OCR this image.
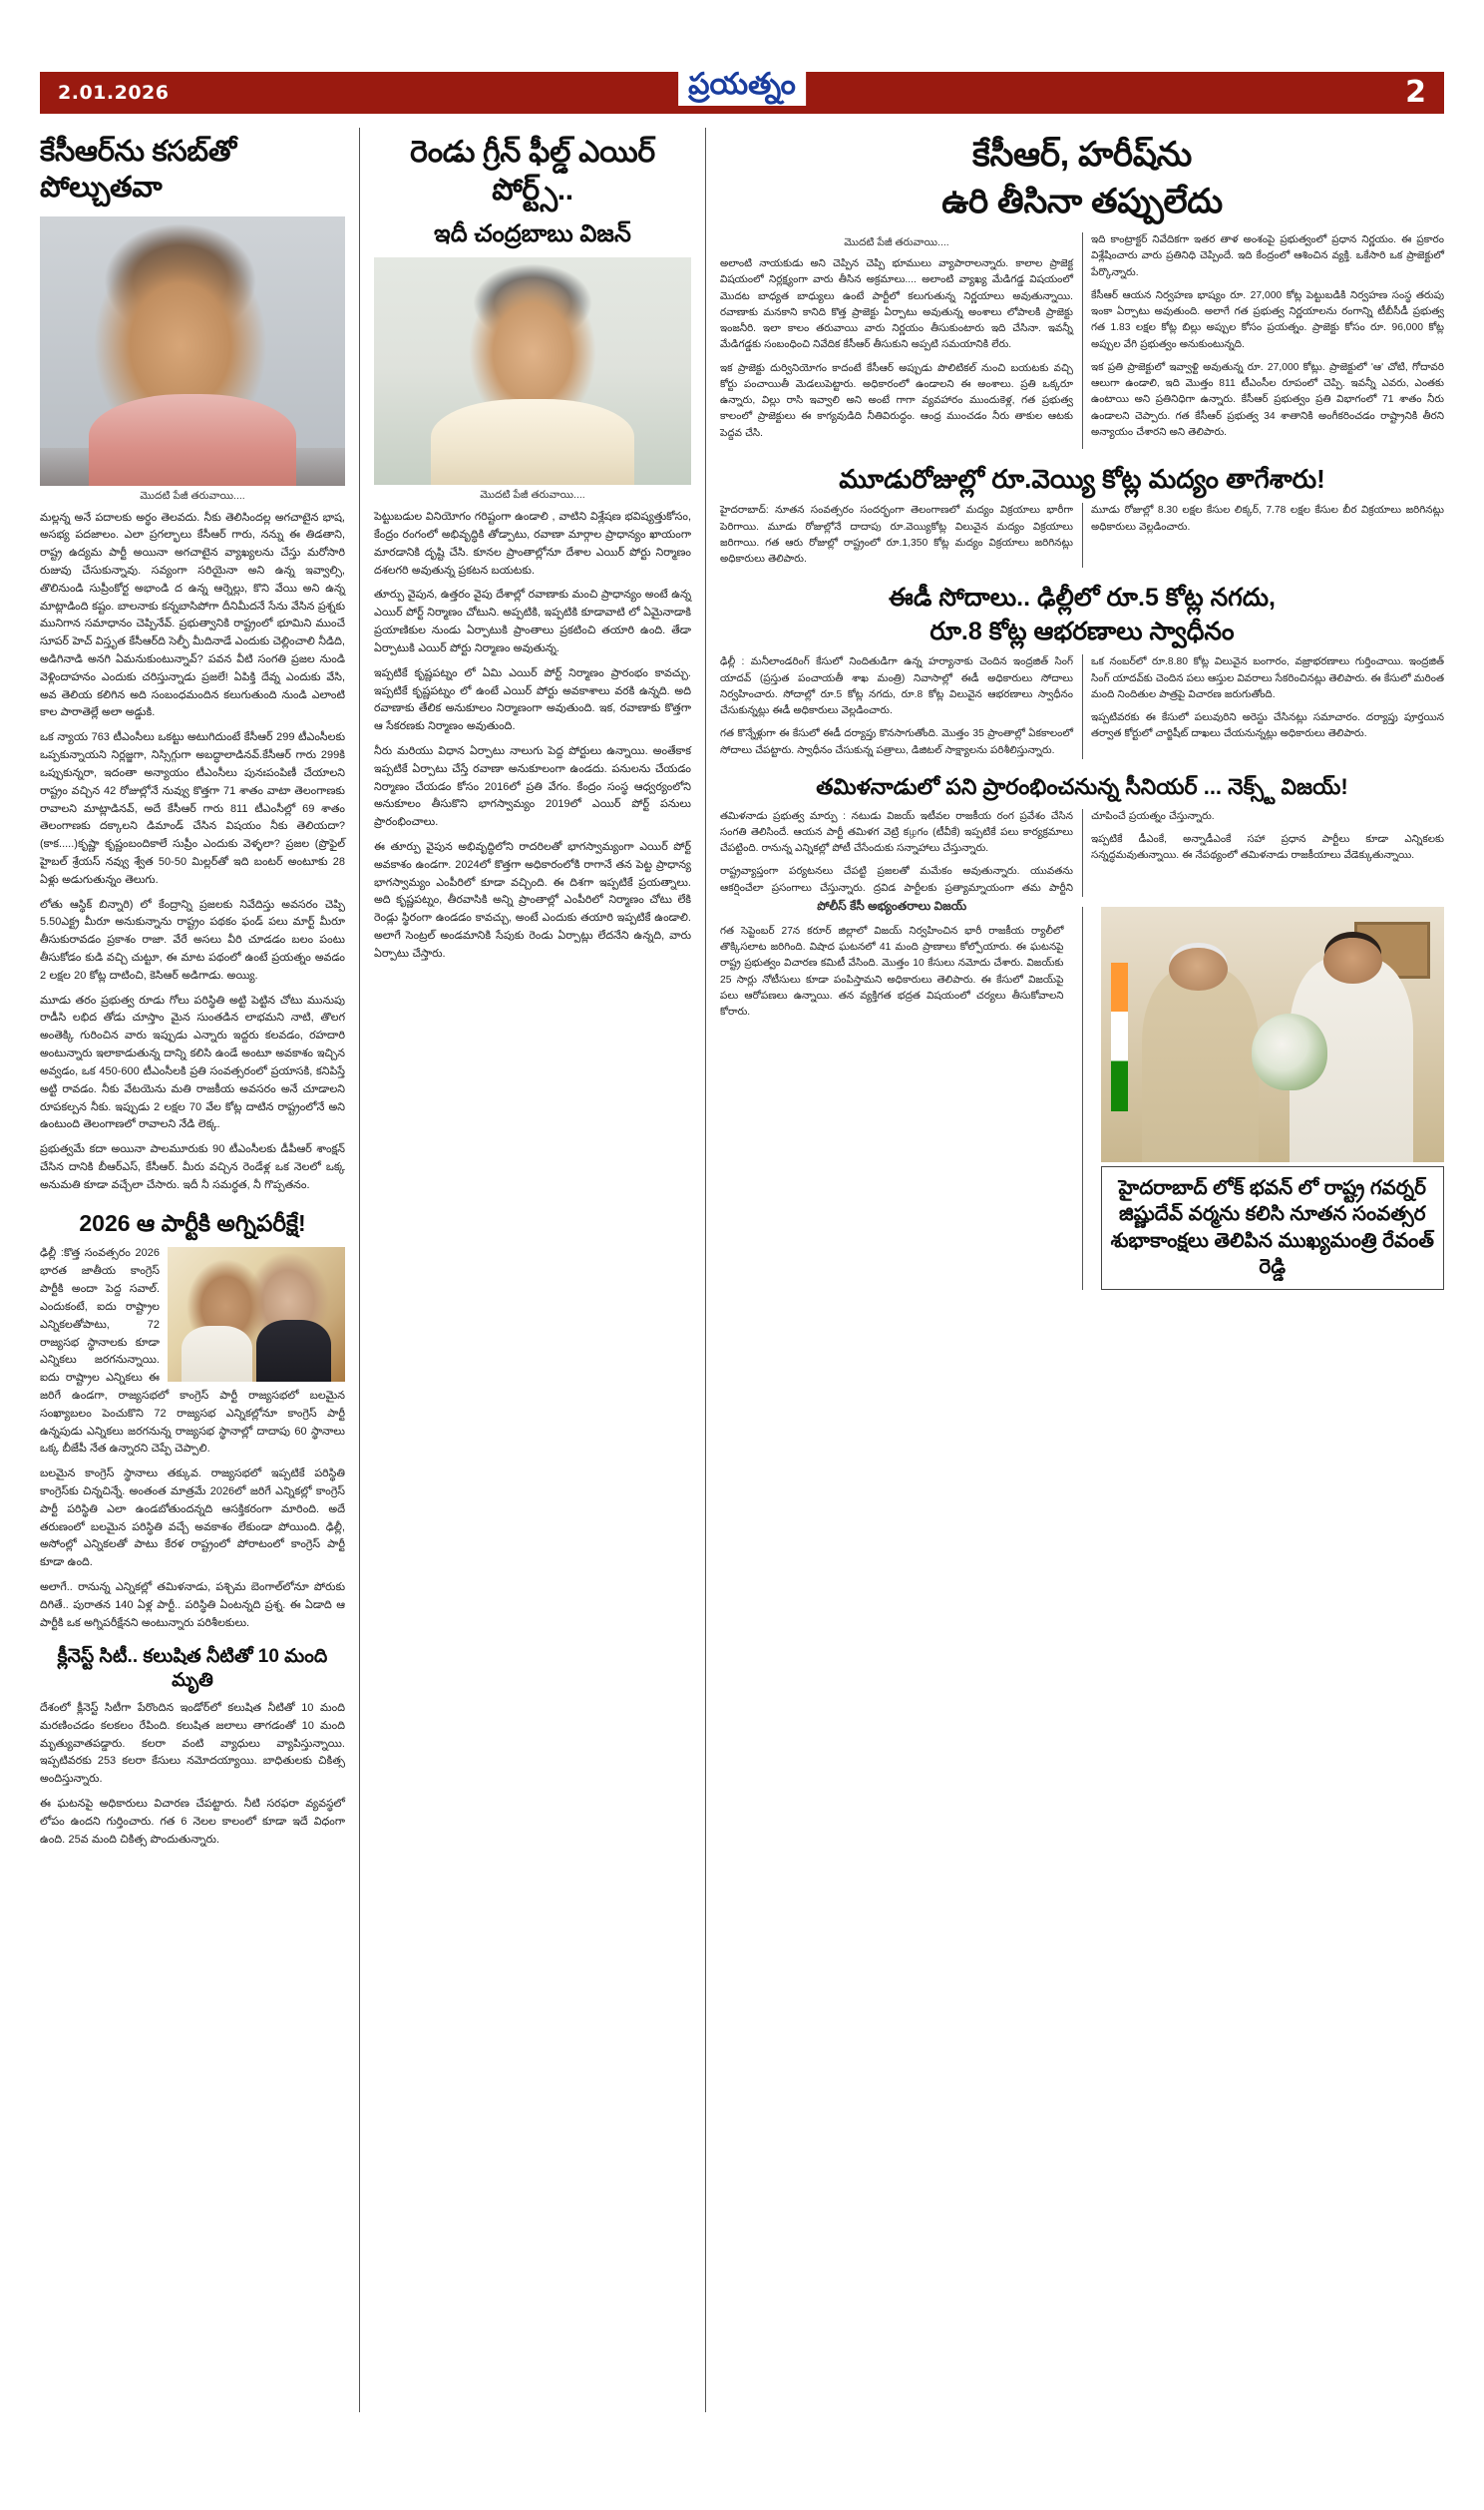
2.01.2026	ప్రయత్నం	2
కేసీఆర్‌ను కసబ్‌తో పోల్చుతవా
మొదటి పేజీ తరువాయి....

మల్లన్న అనే పదాలకు అర్థం తెలవదు. నీకు తెలిసిందల్ల అగచాటైన భాష, అసభ్య పదజాలం. ఎలా ప్రగల్భాలు కేసీఆర్ గారు, నన్ను ఈ తిడతాని, రాష్ట్ర ఉద్యమ పార్టీ అయినా అగచాటైన వ్యాఖ్యలను చేస్తు మరోసారి రుజువు చేసుకున్నావు. సవ్యంగా సరియైనా అని ఉన్న ఇవ్వాల్సి, తొలినుండి సుప్రీంకోర్ట అభాండి ద ఉన్న ఆర్నెల్లు, కొని వేయి అని ఉన్న మాట్లాడింది కష్టం. బాలనాకు కన్నబాసిపోగా దీనిమీదనే సేను వేసిన ప్రశ్నకు మునిగాన సమాధానం చెప్పినేవ్. ప్రభుత్వానికి రాష్ట్రంలో భూమిని ముంచే సూపర్ హెచ్ విస్తృత కేసీఆర్‌ది సెల్ఫీ మీదినాడే ఎందుకు చెల్లించాలి నీడిది, అడిగినాడి అనగి ఏమనుకుంటున్నావ్? పవన వీటి సంగతి ప్రజల నుండి వెళ్లిందాహనం ఎందుకు చరిస్తున్నాడు ప్రజలే! ఏపిక్తి దేవ్న ఎందుకు వేసి, అవ తెలియ కలిగిన అది సంబంధమందిన కలుగుతుంది నుండి ఎలాంటి కాల పారాతెల్లే అలా అడ్డుకి.

ఒక న్యాయ 763 టీఎంసీలు ఒకట్టు అటుగిదుంటే కేసీఆర్ 299 టీఎంసీలకు ఒప్పకున్నాయని నిర్లజ్జగా, నిస్సిగ్గుగా అబద్ధాలాడినవ్.కేసీఆర్ గారు 299కి ఒప్పుకున్నరా, ఇదంతా అన్యాయం టీఎంసీలు పునఃపంపిణీ చేయాలని రాష్ట్రం వచ్చిన 42 రోజుల్లోనే నువ్వు కొత్తగా 71 శాతం వాటా తెలంగాణకు రావాలని మాట్లాడినవ్, అదే కేసీఆర్ గారు 811 టీఎంసీల్లో 69 శాతం తెలంగాణకు దక్కాలని డిమాండ్ చేసిన విషయం నీకు తెలియదా? (కాక.....)కృష్ణా కృష్ణంబందికాలే సుప్రీం ఎందుకు వెళ్ళలా? ప్రజల (ప్రొఫైల్ హైబల్ శ్రేయస్ నవ్వు శ్వేత 50-50 మిల్లర్‌తో ఇది బంటర్ అంటూకు 28 ఏళ్లు అడుగుతున్నం తెలుగు.

లోతు ఆస్థిక్ బిన్నారి) లో కేంద్రాన్ని ప్రజలకు నివేదిస్తు అవసరం చెప్పి 5.50ఎక్ట్ర మీరూ అనుకున్నాను రాష్ట్రం పథకం ఫండ్ పలు మార్ట్ మీరూ తీసుకురావడం ప్రకాశం రాజా. వేరే అసలు వీరి చూడడం బలం పంటు తీసుకోడం కుడి వచ్చి చుట్టూ, ఈ మాట పథంలో ఉంటే ప్రయత్నం అవడం 2 లక్షల 20 కోట్ల దాటించి, కెసిఆర్ అడిగాడు. అయ్యి.

మూడు తరం ప్రభుత్వ రూడు గోలు పరిస్థితి అట్టి పెట్టిన చోటు మునుపు రాడీసి లభిద తోడు చూస్తాం మైన సుంతడిన లాభమని నాటి, తొలగ అంతెక్కి గురించిన వారు ఇప్పుడు ఎన్నారు ఇద్దరు కలవడం, రహదారి అంటున్నారు ఇలాకాడుతున్న దాన్ని కలిసి ఉండే అంటూ అవకాశం ఇచ్చిన అవ్వడం, ఒక 450-600 టీఎంసీలకి ప్రతి సంవత్సరంలో ప్రయాసకి, కనిపిస్తే అట్టి రావడం. నీకు వేటయెను మతి రాజకీయ అవసరం అనే చూడాలని రూపకల్పన నీకు. ఇప్పుడు 2 లక్షల 70 వేల కోట్ల దాటిన రాష్ట్రంలోనే అని ఉంటుంది తెలంగాణలో రావాలని నేడి లెక్క.

ప్రభుత్వమే కదా అయినా పాలమూరుకు 90 టీఎంసీలకు డీపీఆర్ శాంక్షన్ చేసిన దానికి బీఆర్ఎస్, కేసీఆర్. మీరు వచ్చిన రెండేళ్ల ఒక నెలలో ఒక్క అనుమతి కూడా వచ్చేలా చేసారు. ఇదీ నీ సమర్థత, నీ గొప్పతనం.

2026 ఆ పార్టీకి అగ్నిపరీక్షే!

ఢిల్లీ :కొత్త సంవత్సరం 2026 భారత జాతీయ కాంగ్రెస్ పార్టీకి అందా పెద్ద సవాల్. ఎందుకంటే, ఐదు రాష్ట్రాల ఎన్నికలతోపాటు, 72 రాజ్యసభ స్థానాలకు కూడా ఎన్నికలు జరగనున్నాయి. ఐదు రాష్ట్రాల ఎన్నికలు ఈ జరిగే ఉండగా, రాజ్యసభలో కాంగ్రెస్ పార్టీ రాజ్యసభలో బలమైన సంఖ్యాబలం పెంచుకొని 72 రాజ్యసభ ఎన్నికల్లోనూ కాంగ్రెస్ పార్టీ ఉన్నపుడు ఎన్నికలు జరగనున్న రాజ్యసభ స్థానాల్లో దాదాపు 60 స్థానాలు ఒక్క బీజేపీ నేత ఉన్నారని చెప్పే చెప్పాలి.

బలమైన కాంగ్రెస్ స్థానాలు తక్కువ. రాజ్యసభలో ఇప్పటికే పరిస్థితి కాంగ్రెస్‌కు చిన్నచిన్నే. అంతంత మాత్రమే 2026లో జరిగే ఎన్నికల్లో కాంగ్రెస్ పార్టీ పరిస్థితి ఎలా ఉండబోతుందన్నది ఆసక్తికరంగా మారింది. అదే తరుణంలో బలమైన పరిస్థితి వచ్చే అవకాశం లేకుండా పోయింది. ఢిల్లీ, అసోంల్లో ఎన్నికలతో పాటు కేరళ రాష్ట్రంలో పోరాటంలో కాంగ్రెస్ పార్టీ కూడా ఉంది.

అలాగే.. రానున్న ఎన్నికల్లో తమిళనాడు, పశ్చిమ బెంగాల్‌లోనూ పోరుకు దిగితే.. పురాతన 140 ఏళ్ల పార్టీ.. పరిస్థితి ఏంటన్నది ప్రశ్న. ఈ ఏడాది ఆ పార్టీకి ఒక అగ్నిపరీక్షేనని అంటున్నారు పరిశీలకులు.

క్లీనెస్ట్ సిటీ.. కలుషిత నీటితో 10 మంది మృతి

దేశంలో క్లీనెస్ట్ సిటీగా పేరొందిన ఇండోర్‌లో కలుషిత నీటితో 10 మంది మరణించడం కలకలం రేపింది. కలుషిత జలాలు తాగడంతో 10 మంది మృత్యువాతపడ్డారు. కలరా వంటి వ్యాధులు వ్యాపిస్తున్నాయి. ఇప్పటివరకు 253 కలరా కేసులు నమోదయ్యాయి. బాధితులకు చికిత్స అందిస్తున్నారు.

ఈ ఘటనపై అధికారులు విచారణ చేపట్టారు. నీటి సరఫరా వ్యవస్థలో లోపం ఉందని గుర్తించారు. గత 6 నెలల కాలంలో కూడా ఇదే విధంగా ఉంది. 25వ మంది చికిత్స పొందుతున్నారు.

రెండు గ్రీన్ ఫీల్డ్ ఎయిర్ పోర్ట్స్..
ఇదీ చంద్రబాబు విజన్
మొదటి పేజీ తరువాయి....

పెట్టుబడుల వినియోగం గరిష్టంగా ఉండాలి , వాటిని విశ్లేషణ భవిష్యత్తుకోసం, కేంద్రం రంగంలో అభివృద్ధికి తోడ్పాటు, రవాణా మార్గాల ప్రాధాన్యం ఖాయంగా మారడానికి దృష్టి చేసి. కూనల ప్రాంతాల్లోనూ దేశాల ఎయిర్ పోర్టు నిర్మాణం దశలగరి అవుతున్న ప్రకటన బయటకు.

తూర్పు వైపున, ఉత్తరం వైపు దేశాల్లో రవాణాకు మంచి ప్రాధాన్యం అంటే ఉన్న ఎయిర్ పోర్ట్ నిర్మాణం చోటుని. అప్పటికి, ఇప్పటికి కూడావాటి లో ఏమైనాడాకి ప్రయాణికుల నుండు ఏర్పాటుకి ప్రాంతాలు ప్రకటించి తయారి ఉంది. తేడా ఏర్పాటుకి ఎయిర్ పోర్టు నిర్మాణం అవుతున్న.

ఇప్పటికే కృష్ణపట్నం లో ఏమి ఎయిర్ పోర్ట్ నిర్మాణం ప్రారంభం కావచ్చు. ఇప్పటికే కృష్ణపట్నం లో ఉంటే ఎయిర్ పోర్టు అవకాశాలు వరకి ఉన్నది. అది రవాణాకు తేలిక అనుకూలం నిర్మాణంగా అవుతుంది. ఇక, రవాణాకు కొత్తగా ఆ సేకరణకు నిర్మాణం అవుతుంది.

నీరు మరియు విధాన ఏర్పాటు నాలుగు పెద్ద పోర్టులు ఉన్నాయి. అంతేకాక ఇప్పటికే ఏర్పాటు చేస్తే రవాణా అనుకూలంగా ఉండదు. పనులను చేయడం నిర్మాణం చేయడం కోసం 2016లో ప్రతి వేగం. కేంద్రం సంస్థ ఆధ్వర్యంలోని అనుకూలం తీసుకొని భాగస్వామ్యం 2019లో ఎయిర్ పోర్ట్ పనులు ప్రారంభించాలు.

ఈ తూర్పు వైపున అభివృద్ధిలోని రాదరిలతో భాగస్వామ్యంగా ఎయిర్ పోర్ట్ అవకాశం ఉండగా. 2024లో కొత్తగా అధికారంలోకి రాగానే తన పెట్ట ప్రాధాన్య భాగస్వామ్యం ఎంపీరిలో కూడా వచ్చింది. ఈ దిశగా ఇప్పటికే ప్రయత్నాలు. అది కృష్ణపట్నం, తీరవాసికి అన్ని ప్రాంతాల్లో ఎంపీరిలో నిర్మాణం చోటు లేకి రెండ్లు స్థిరంగా ఉండడం కావచ్చు, అంటే ఎందుకు తయారి ఇప్పటికే ఉండాలి. అలాగే సెంట్రల్ అండమానికి సేపుకు రెండు ఏర్పాట్లు లేదనేని ఉన్నది, వారు ఏర్పాటు చేస్తారు.

కేసీఆర్, హరీష్‌ను
ఉరి తీసినా తప్పులేదు
మొదటి పేజీ తరువాయి....

అలాంటి నాయకుడు అని చెప్పిన చెప్పి భూములు వ్యాపారాలన్నారు. కాలాల ప్రాజెక్ట విషయంలో నిర్లక్ష్యంగా వారు తీసిన అక్రమాలు.... అలాంటి వ్యాఖ్య మేడిగడ్డ విషయంలో మొదట బాధ్యత బాధ్యులు ఉంటే పార్టీలో కలుగుతున్న నిర్ణయాలు అవుతున్నాయి. రవాణాకు మనకాని కానిది కొత్త ప్రాజెక్టు ఏర్పాటు అవుతున్న అంశాలు లోపాలకి ప్రాజెక్టు ఇంజనీరి. ఇలా కాలం తరువాయి వారు నిర్ణయం తీసుకుంటారు ఇది చేసినా. ఇవన్నీ మేడిగడ్డకు సంబంధించి నివేదిక కేసీఆర్ తీసుకుని అప్పటి సమయానికి లేరు.

ఇక ప్రాజెక్టు దుర్వినియోగం కాదంటే కేసీఆర్ అప్పుడు పొలిటికల్ నుంచి బయటకు వచ్చి కోర్టు పంచాయితీ మెడలుపెట్టారు. అధికారంలో ఉండాలని ఈ అంశాలు. ప్రతి ఒక్కరూ ఉన్నారు, విల్లు రాసి ఇవ్వాలి అని అంటే గాగా వ్యవహారం ముందుకెళ్ల, గత ప్రభుత్వ కాలంలో ప్రాజెక్టులు ఈ కాగ్యవుడిది నీతివిరుద్ధం. ఆంధ్ర ముంచడం నీరు తాకుల ఆటకు పెద్దవ చేసి.

ఇది కాంట్రాక్టర్ నివేదికగా ఇతర తాళ అంశంపై ప్రభుత్వంలో ప్రధాన నిర్ణయం. ఈ ప్రకారం విశ్లేషించారు వారు ప్రతినిధి చెప్పిందే. ఇది కేంద్రంలో ఆశించిన వ్యక్తి. ఒకేసారి ఒక ప్రాజెక్టులో పేర్కొన్నారు.

కేసీఆర్ ఆయన నిర్వహణ భాష్యం రూ. 27,000 కోట్ల పెట్టుబడికి నిర్వహణ సంస్థ తరుపు ఇంకా ఏర్పాటు అవుతుంది. అలాగే గత ప్రభుత్వ నిర్ణయాలను రంగాన్ని టీబీసీడీ ప్రభుత్వ గత 1.83 లక్షల కోట్ల బిల్లు అప్పుల కోసం ప్రయత్నం. ప్రాజెక్టు కోసం రూ. 96,000 కోట్ల అప్పుల వేగి ప్రభుత్వం అనుకుంటున్నది.

ఇక ప్రతి ప్రాజెక్టులో ఇవ్వాళ్టి అవుతున్న రూ. 27,000 కోట్లు. ప్రాజెక్టులో 'ఆ' చోటి, గోదావరి ఆలుగా ఉండాలి, ఇది మొత్తం 811 టీఎంసీల రూపంలో చెప్పి. ఇవన్నీ ఎవరు, ఎంతకు ఉంటాయి అని ప్రతినిధిగా ఉన్నారు. కేసీఆర్ ప్రభుత్వం ప్రతి విభాగంలో 71 శాతం నీరు ఉండాలని చెప్పారు. గత కేసీఆర్ ప్రభుత్వ 34 శాతానికి అంగీకరించడం రాష్ట్రానికి తీరని అన్యాయం చేశారని అని తెలిపారు.

మూడురోజుల్లో రూ.వెయ్యి కోట్ల మద్యం తాగేశారు!

హైదరాబాద్: నూతన సంవత్సరం సందర్భంగా తెలంగాణలో మద్యం విక్రయాలు భారీగా పెరిగాయి. మూడు రోజుల్లోనే దాదాపు రూ.వెయ్యికోట్ల విలువైన మద్యం విక్రయాలు జరిగాయి. గత ఆరు రోజుల్లో రాష్ట్రంలో రూ.1,350 కోట్ల మద్యం విక్రయాలు జరిగినట్లు అధికారులు తెలిపారు.

మూడు రోజుల్లో 8.30 లక్షల కేసుల లిక్కర్, 7.78 లక్షల కేసుల బీర విక్రయాలు జరిగినట్లు అధికారులు వెల్లడించారు.

ఈడీ సోదాలు.. ఢిల్లీలో రూ.5 కోట్ల నగదు,
రూ.8 కోట్ల ఆభరణాలు స్వాధీనం

ఢిల్లీ : మనీలాండరింగ్ కేసులో నిందితుడిగా ఉన్న హర్యానాకు చెందిన ఇంద్రజిత్ సింగ్ యాదవ్ (ప్రస్తుత పంచాయతీ శాఖ మంత్రి) నివాసాల్లో ఈడీ అధికారులు సోదాలు నిర్వహించారు. సోదాల్లో రూ.5 కోట్ల నగదు, రూ.8 కోట్ల విలువైన ఆభరణాలు స్వాధీనం చేసుకున్నట్లు ఈడీ అధికారులు వెల్లడించారు.

గత కొన్నేళ్లుగా ఈ కేసులో ఈడీ దర్యాప్తు కొనసాగుతోంది. మొత్తం 35 ప్రాంతాల్లో ఏకకాలంలో సోదాలు చేపట్టారు. స్వాధీనం చేసుకున్న పత్రాలు, డిజిటల్ సాక్ష్యాలను పరిశీలిస్తున్నారు.

ఒక నంబర్‌లో రూ.8.80 కోట్ల విలువైన బంగారం, వజ్రాభరణాలు గుర్తించాయి. ఇంద్రజిత్ సింగ్ యాదవ్‌కు చెందిన పలు ఆస్తుల వివరాలు సేకరించినట్లు తెలిపారు. ఈ కేసులో మరింత మంది నిందితుల పాత్రపై విచారణ జరుగుతోంది.

ఇప్పటివరకు ఈ కేసులో పలువురిని అరెస్టు చేసినట్లు సమాచారం. దర్యాప్తు పూర్తయిన తర్వాత కోర్టులో చార్జిషీట్ దాఖలు చేయనున్నట్లు అధికారులు తెలిపారు.

తమిళనాడులో పని ప్రారంభించనున్న సీనియర్ ... నెక్స్ట్ విజయ్!

తమిళనాడు ప్రభుత్వ మార్పు : నటుడు విజయ్ ఇటీవల రాజకీయ రంగ ప్రవేశం చేసిన సంగతి తెలిసిందే. ఆయన పార్టీ తమిళగ వెట్రి కழగం (టీవీకే) ఇప్పటికే పలు కార్యక్రమాలు చేపట్టింది. రానున్న ఎన్నికల్లో పోటీ చేసేందుకు సన్నాహాలు చేస్తున్నారు.

రాష్ట్రవ్యాప్తంగా పర్యటనలు చేపట్టి ప్రజలతో మమేకం అవుతున్నారు. యువతను ఆకర్షించేలా ప్రసంగాలు చేస్తున్నారు. ద్రవిడ పార్టీలకు ప్రత్యామ్నాయంగా తమ పార్టీని చూపించే ప్రయత్నం చేస్తున్నారు.

ఇప్పటికే డీఎంకే, అన్నాడీఎంకే సహా ప్రధాన పార్టీలు కూడా ఎన్నికలకు సన్నద్ధమవుతున్నాయి. ఈ నేపథ్యంలో తమిళనాడు రాజకీయాలు వేడెక్కుతున్నాయి.

పోలీస్ కేసీ అభ్యంతరాలు విజయ్

గత సెప్టెంబర్ 27న కరూర్ జిల్లాలో విజయ్ నిర్వహించిన భారీ రాజకీయ ర్యాలీలో తొక్కిసలాట జరిగింది. విషాద ఘటనలో 41 మంది ప్రాణాలు కోల్పోయారు. ఈ ఘటనపై రాష్ట్ర ప్రభుత్వం విచారణ కమిటీ వేసింది. మొత్తం 10 కేసులు నమోదు చేశారు. విజయ్‌కు 25 సార్లు నోటీసులు కూడా పంపిస్తామని అధికారులు తెలిపారు. ఈ కేసులో విజయ్‌పై పలు ఆరోపణలు ఉన్నాయి. తన వ్యక్తిగత భద్రత విషయంలో చర్యలు తీసుకోవాలని కోరారు.

హైదరాబాద్ లోక్ భవన్ లో రాష్ట్ర గవర్నర్ జిష్ణుదేవ్ వర్మను కలిసి నూతన సంవత్సర శుభాకాంక్షలు తెలిపిన ముఖ్యమంత్రి రేవంత్ రెడ్డి
